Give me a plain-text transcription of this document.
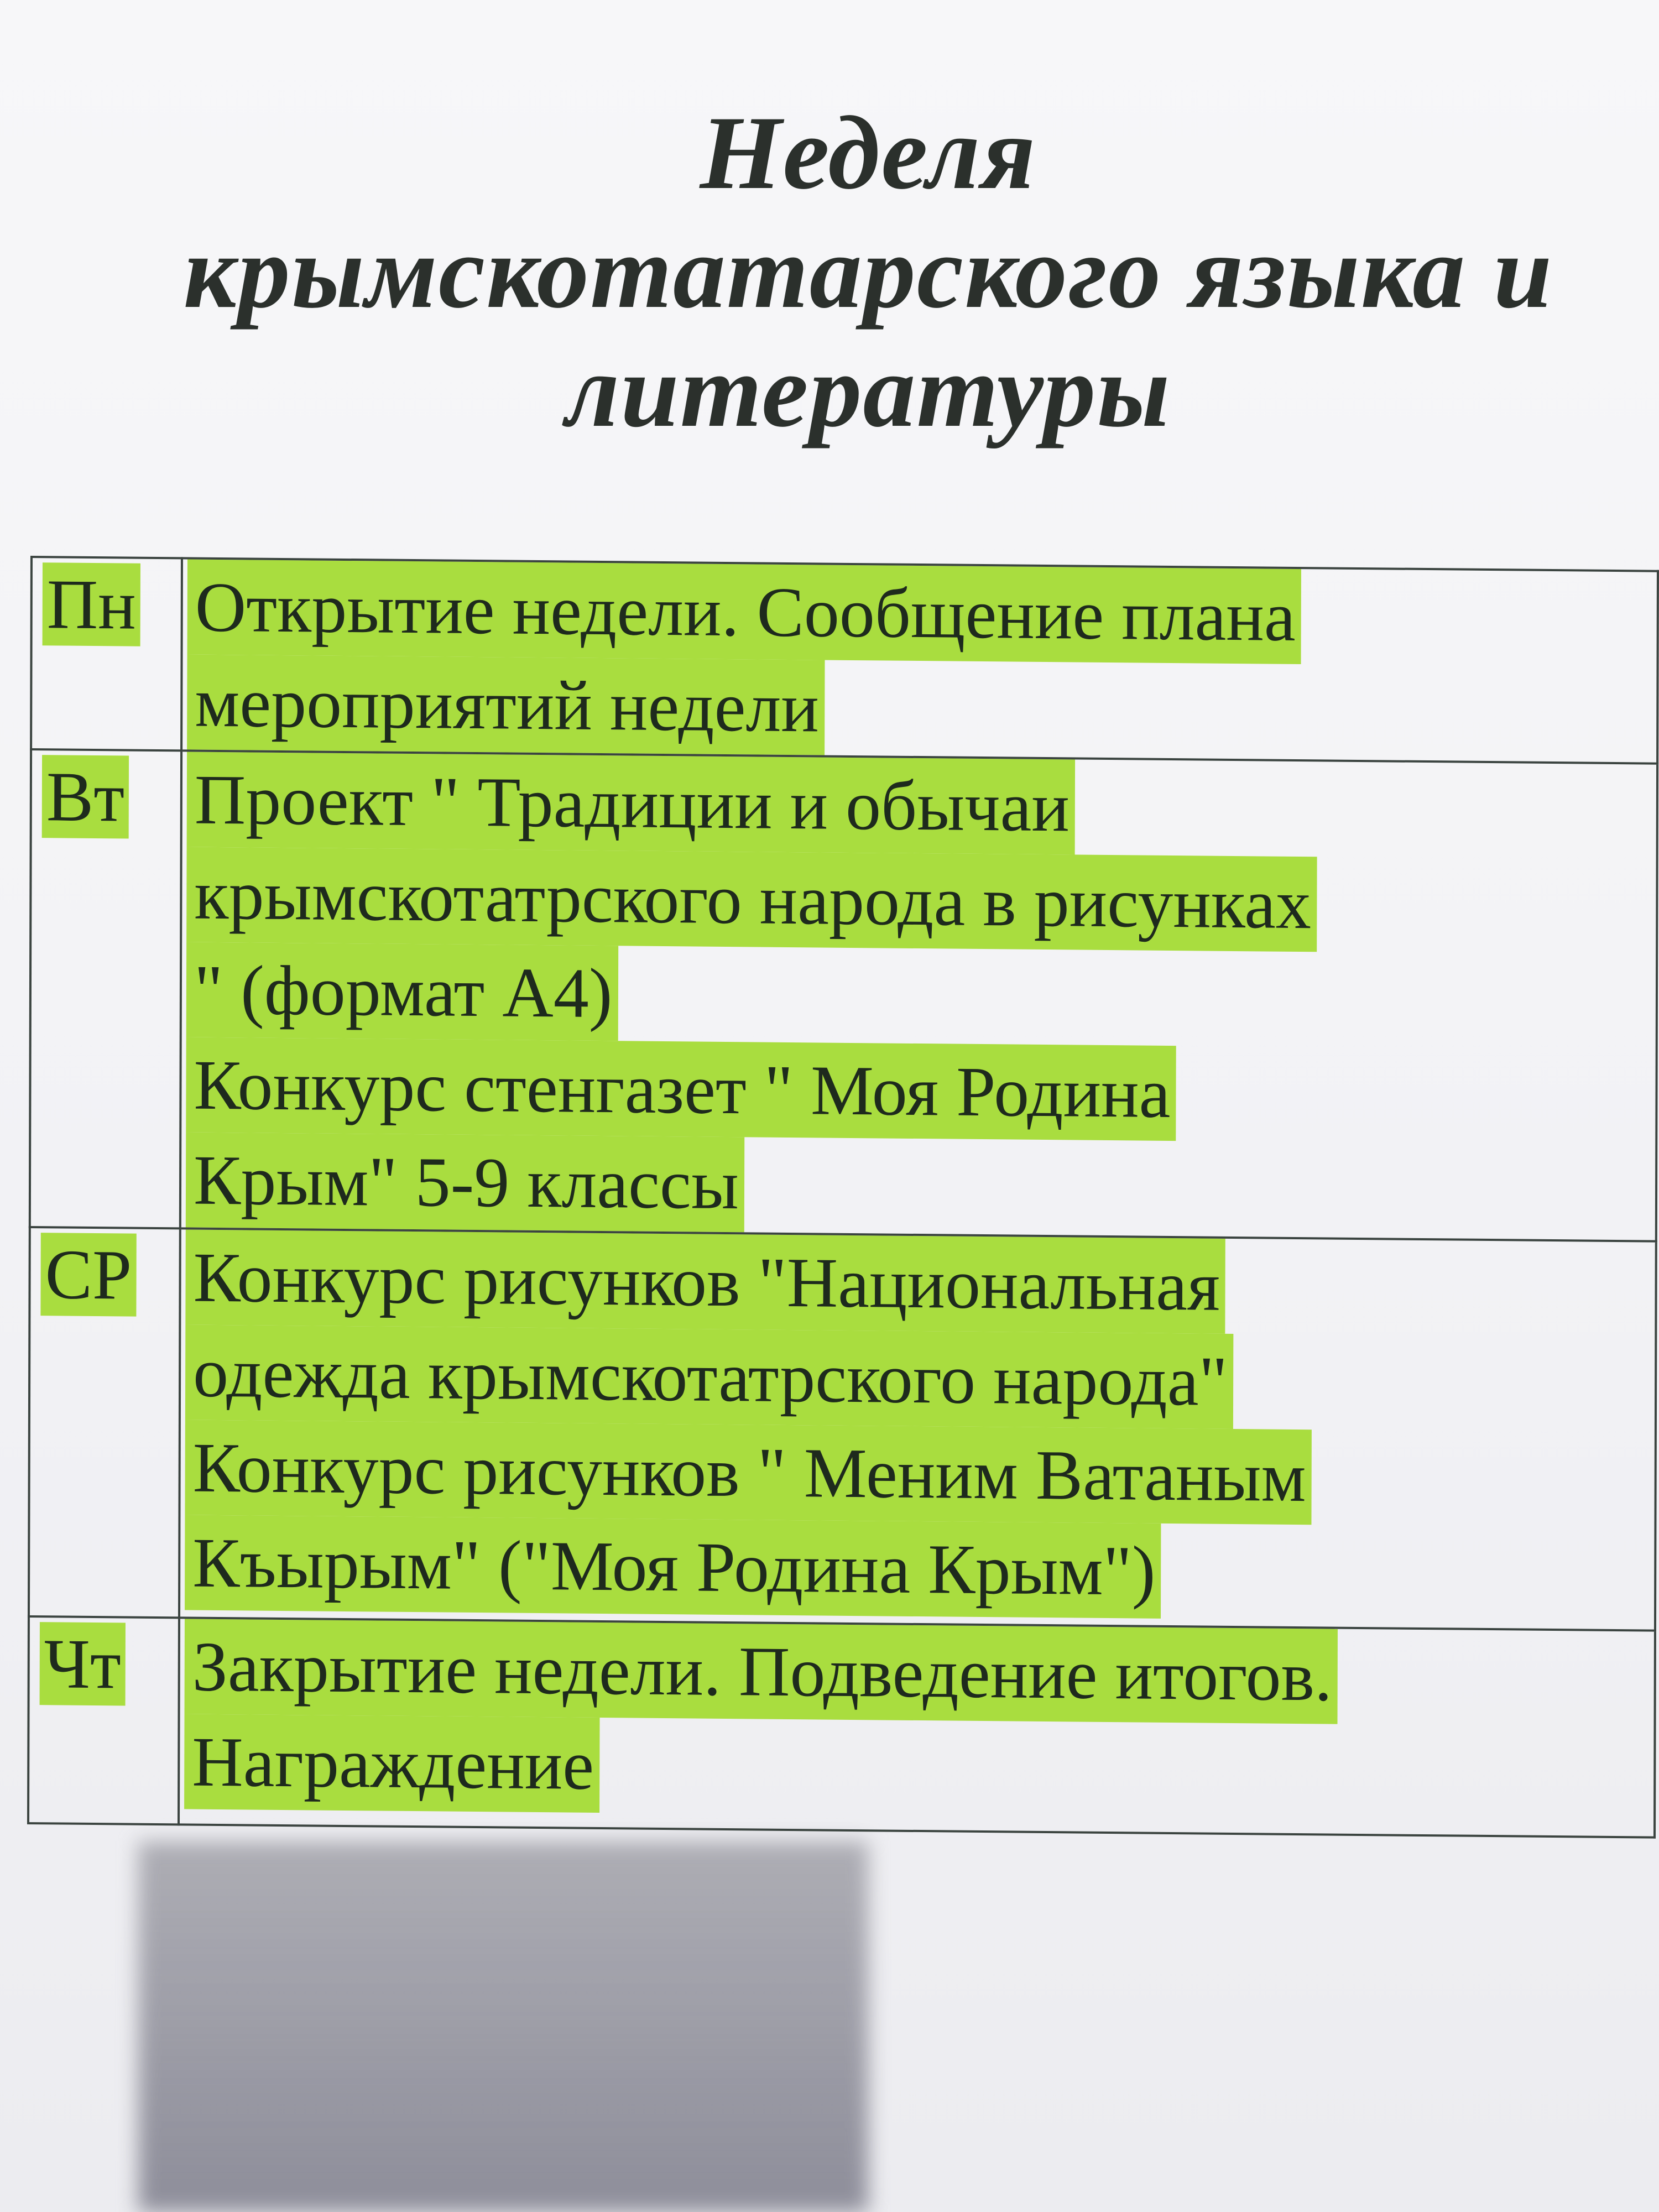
Неделя
крымскотатарского языка и
литературы
Пн	Открытие недели. Сообщение плана
мероприятий недели

Вт	Проект " Традиции и обычаи
крымскотатрского народа в рисунках
" (формат А4)
Конкурс стенгазет " Моя Родина
Крым" 5-9 классы

СР	Конкурс рисунков "Национальная
одежда крымскотатрского народа"
Конкурс рисунков " Меним Ватаным
Къырым" ("Моя Родина Крым")

Чт	Закрытие недели. Подведение итогов.
Награждение
